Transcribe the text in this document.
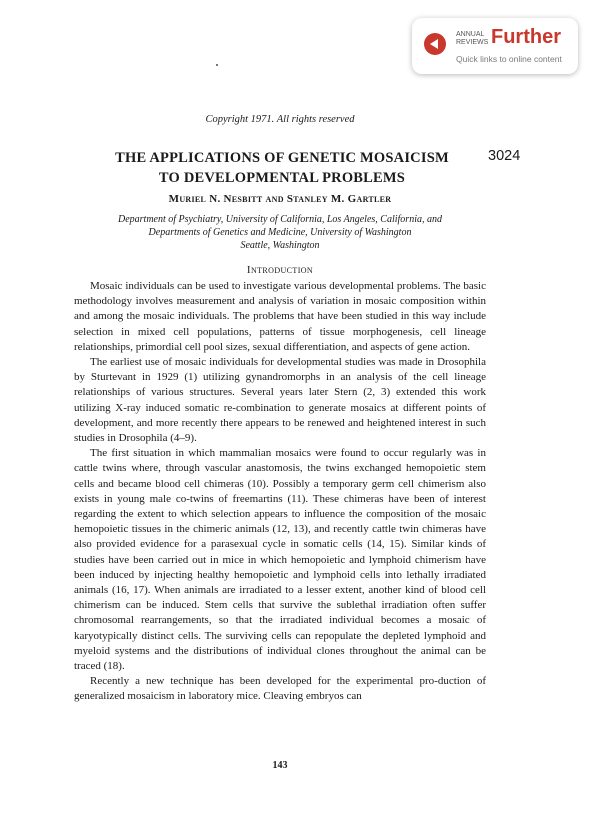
ANNUAL
REVIEWS Further
Quick links to online content
Copyright 1971. All rights reserved
3024
THE APPLICATIONS OF GENETIC MOSAICISM
TO DEVELOPMENTAL PROBLEMS
Muriel N. Nesbitt and Stanley M. Gartler
Department of Psychiatry, University of California, Los Angeles, California, and
Departments of Genetics and Medicine, University of Washington
Seattle, Washington
Introduction

Mosaic individuals can be used to investigate various developmental problems. The basic methodology involves measurement and analysis of variation in mosaic composition within and among the mosaic individuals. The problems that have been studied in this way include selection in mixed cell populations, patterns of tissue morphogenesis, cell lineage relationships, primordial cell pool sizes, sexual differentiation, and aspects of gene action.

The earliest use of mosaic individuals for developmental studies was made in Drosophila by Sturtevant in 1929 (1) utilizing gynandromorphs in an analysis of the cell lineage relationships of various structures. Several years later Stern (2, 3) extended this work utilizing X-ray induced somatic re-combination to generate mosaics at different points of development, and more recently there appears to be renewed and heightened interest in such studies in Drosophila (4–9).

The first situation in which mammalian mosaics were found to occur regularly was in cattle twins where, through vascular anastomosis, the twins exchanged hemopoietic stem cells and became blood cell chimeras (10). Possibly a temporary germ cell chimerism also exists in young male co-twins of freemartins (11). These chimeras have been of interest regarding the extent to which selection appears to influence the composition of the mosaic hemopoietic tissues in the chimeric animals (12, 13), and recently cattle twin chimeras have also provided evidence for a parasexual cycle in somatic cells (14, 15). Similar kinds of studies have been carried out in mice in which hemopoietic and lymphoid chimerism have been induced by injecting healthy hemopoietic and lymphoid cells into lethally irradiated animals (16, 17). When animals are irradiated to a lesser extent, another kind of blood cell chimerism can be induced. Stem cells that survive the sublethal irradiation often suffer chromosomal rearrangements, so that the irradiated individual becomes a mosaic of karyotypically distinct cells. The surviving cells can repopulate the depleted lymphoid and myeloid systems and the distributions of individual clones throughout the animal can be traced (18).

Recently a new technique has been developed for the experimental pro-duction of generalized mosaicism in laboratory mice. Cleaving embryos can

143
